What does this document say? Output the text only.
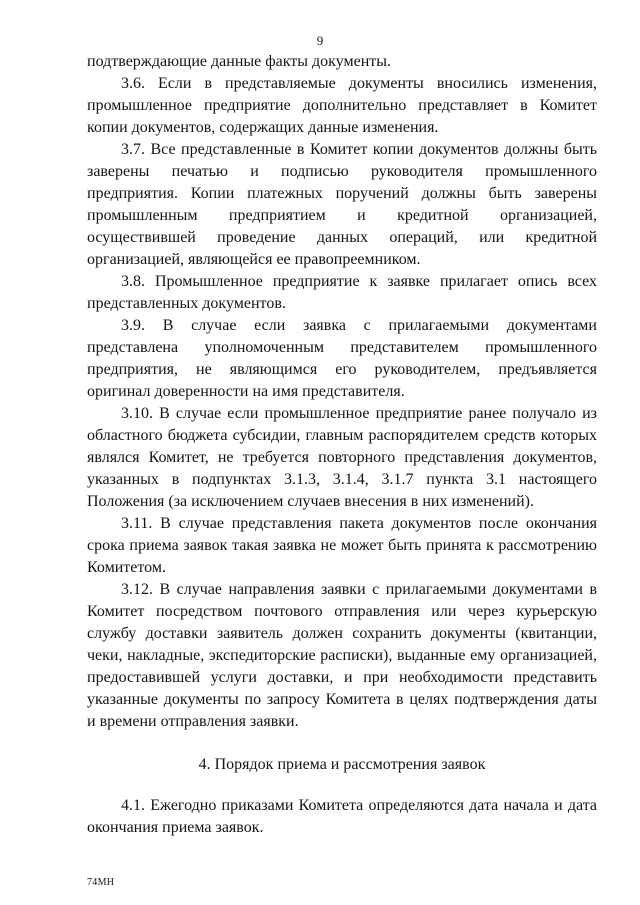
9
подтверждающие данные факты документы.
3.6. Если в представляемые документы вносились изменения,
промышленное предприятие дополнительно представляет в Комитет
копии документов, содержащих данные изменения.
3.7. Все представленные в Комитет копии документов должны быть
заверены печатью и подписью руководителя промышленного
предприятия. Копии платежных поручений должны быть заверены
промышленным предприятием и кредитной организацией,
осуществившей проведение данных операций, или кредитной
организацией, являющейся ее правопреемником.
3.8. Промышленное предприятие к заявке прилагает опись всех
представленных документов.
3.9. В случае если заявка с прилагаемыми документами
представлена уполномоченным представителем промышленного
предприятия, не являющимся его руководителем, предъявляется
оригинал доверенности на имя представителя.
3.10. В случае если промышленное предприятие ранее получало из
областного бюджета субсидии, главным распорядителем средств которых
являлся Комитет, не требуется повторного представления документов,
указанных в подпунктах 3.1.3, 3.1.4, 3.1.7 пункта 3.1 настоящего
Положения (за исключением случаев внесения в них изменений).
3.11. В случае представления пакета документов после окончания
срока приема заявок такая заявка не может быть принята к рассмотрению
Комитетом.
3.12. В случае направления заявки с прилагаемыми документами в
Комитет посредством почтового отправления или через курьерскую
службу доставки заявитель должен сохранить документы (квитанции,
чеки, накладные, экспедиторские расписки), выданные ему организацией,
предоставившей услуги доставки, и при необходимости представить
указанные документы по запросу Комитета в целях подтверждения даты
и времени отправления заявки.
4. Порядок приема и рассмотрения заявок
4.1. Ежегодно приказами Комитета определяются дата начала и дата
окончания приема заявок.
74МН
